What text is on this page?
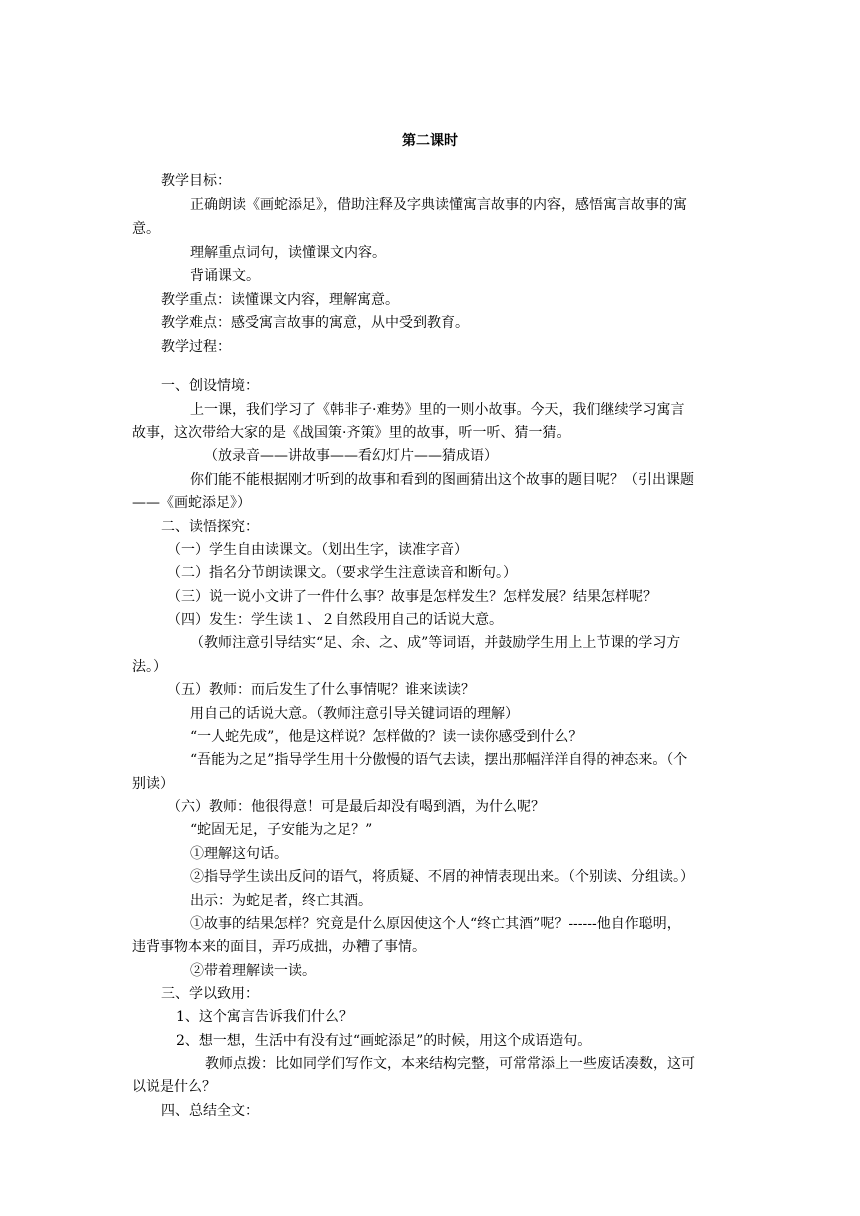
第二课时
教学目标：
正确朗读《画蛇添足》，借助注释及字典读懂寓言故事的内容，感悟寓言故事的寓
意。
理解重点词句，读懂课文内容。
背诵课文。
教学重点：读懂课文内容，理解寓意。
教学难点：感受寓言故事的寓意，从中受到教育。
教学过程：
一、创设情境：
上一课，我们学习了《韩非子·难势》里的一则小故事。今天，我们继续学习寓言
故事，这次带给大家的是《战国策·齐策》里的故事，听一听、猜一猜。
（放录音——讲故事——看幻灯片——猜成语）
你们能不能根据刚才听到的故事和看到的图画猜出这个故事的题目呢？（引出课题
——《画蛇添足》）
二、读悟探究：
（一）学生自由读课文。（划出生字，读准字音）
（二）指名分节朗读课文。（要求学生注意读音和断句。）
（三）说一说小文讲了一件什么事？故事是怎样发生？怎样发展？结果怎样呢？
（四）发生：学生读１、２自然段用自己的话说大意。
（教师注意引导结实“足、余、之、成”等词语，并鼓励学生用上上节课的学习方
法。）
（五）教师：而后发生了什么事情呢？谁来读读？
用自己的话说大意。（教师注意引导关键词语的理解）
“一人蛇先成”，他是这样说？怎样做的？读一读你感受到什么？
“吾能为之足”指导学生用十分傲慢的语气去读，摆出那幅洋洋自得的神态来。（个
别读）
（六）教师：他很得意！可是最后却没有喝到酒，为什么呢？
“蛇固无足，子安能为之足？”
①理解这句话。
②指导学生读出反问的语气，将质疑、不屑的神情表现出来。（个别读、分组读。）
出示：为蛇足者，终亡其酒。
①故事的结果怎样？究竟是什么原因使这个人“终亡其酒”呢？------他自作聪明，
违背事物本来的面目，弄巧成拙，办糟了事情。
②带着理解读一读。
三、学以致用：
1、这个寓言告诉我们什么？
2、想一想，生活中有没有过“画蛇添足”的时候，用这个成语造句。
教师点拨：比如同学们写作文，本来结构完整，可常常添上一些废话凑数，这可
以说是什么？
四、总结全文：
